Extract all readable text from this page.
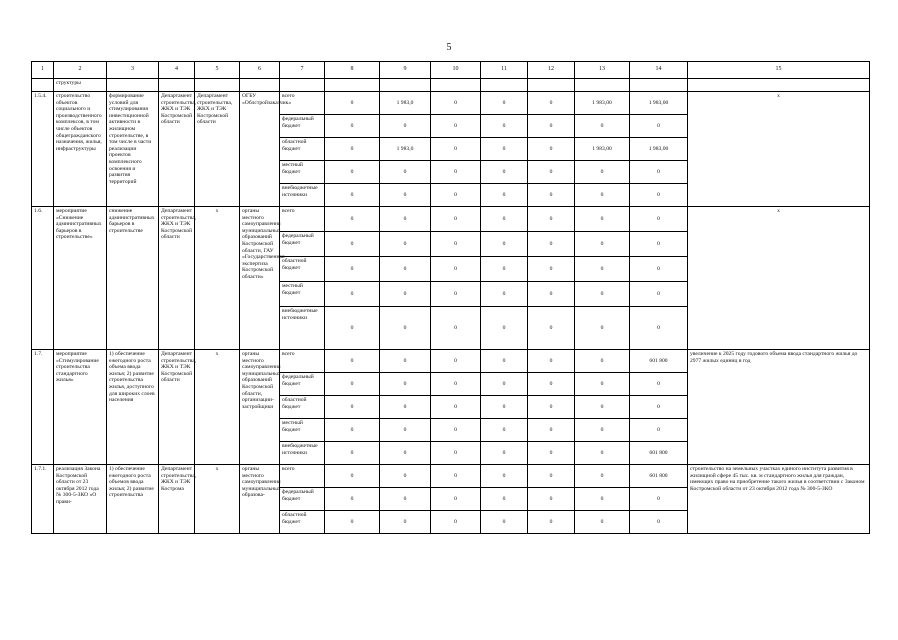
5
1	2	3	4	5	6	7	8	9	10	11	12	13	14	15
	структуры													
1.5.4.	строительство объектов социального и производственного комплексов, в том числе объектов общегражданского назначения, жилья, инфраструктуры	формирование условий для стимулирования инвестиционной активности в жилищном строительстве, в том числе в части реализации проектов комплексного освоения и развития территорий	Департамент строительства, ЖКХ и ТЭК Костромской области	Департамент строительства, ЖКХ и ТЭК Костромской области	ОГБУ «Облстройзаказчик»	всего	0	1 983,0	0	0	0	1 983,00	1 983,00	x
						федеральный бюджет	0	0	0	0	0	0	0	
						областной бюджет	0	1 983,0	0	0	0	1 983,00	1 983,00	
						местный бюджет	0	0	0	0	0	0	0	
						внебюджетные источники	0	0	0	0	0	0	0	
1.6.	мероприятие «Снижение административных барьеров в строительстве»	снижение административных барьеров в строительстве	Департамент строительства, ЖКХ и ТЭК Костромской области	x	органы местного самоуправления муниципальных образований Костромской области, ГАУ «Государственная экспертиза Костромской области»	всего	0	0	0	0	0	0	0	x
						федеральный бюджет	0	0	0	0	0	0	0	
						областной бюджет	0	0	0	0	0	0	0	
						местный бюджет	0	0	0	0	0	0	0	
						внебюджетные источники	0	0	0	0	0	0	0	
1.7.	мероприятие «Стимулирование строительства стандартного жилья»	1) обеспечение ежегодного роста объема ввода жилья; 2) развитие строительства жилья, доступного для широких слоев населения	Департамент строительства, ЖКХ и ТЭК Костромской области	x	органы местного самоуправления муниципальных образований Костромской области, организации-застройщики	всего	0	0	0	0	0	0	601 800	увеличение к 2025 году годового объема ввода стандартного жилья до 2977 жилых единиц в год
						федеральный бюджет	0	0	0	0	0	0	0	
						областной бюджет	0	0	0	0	0	0	0	
						местный бюджет	0	0	0	0	0	0	0	
						внебюджетные источники	0	0	0	0	0	0	601 800	
1.7.1.	реализация Закона Костромской области от 23 октября 2012 года № 300-5-ЗКО «О прави-	1) обеспечение ежегодного роста объемов ввода жилья; 2) развитие строительства	Департамент строительства, ЖКХ и ТЭК Кострома	x	органы местного самоуправления муниципальных образова-	всего	0	0	0	0	0	0	601 800	строительство на земельных участках единого института развития в жилищной сфере 45 тыс. кв. м стандартного жилья для граждан, имеющих право на приобретение такого жилья в соответствии с Законом Костромской области от 23 октября 2012 года № 300-5-ЗКО
						федеральный бюджет	0	0	0	0	0	0	0	
						областной бюджет	0	0	0	0	0	0	0	
